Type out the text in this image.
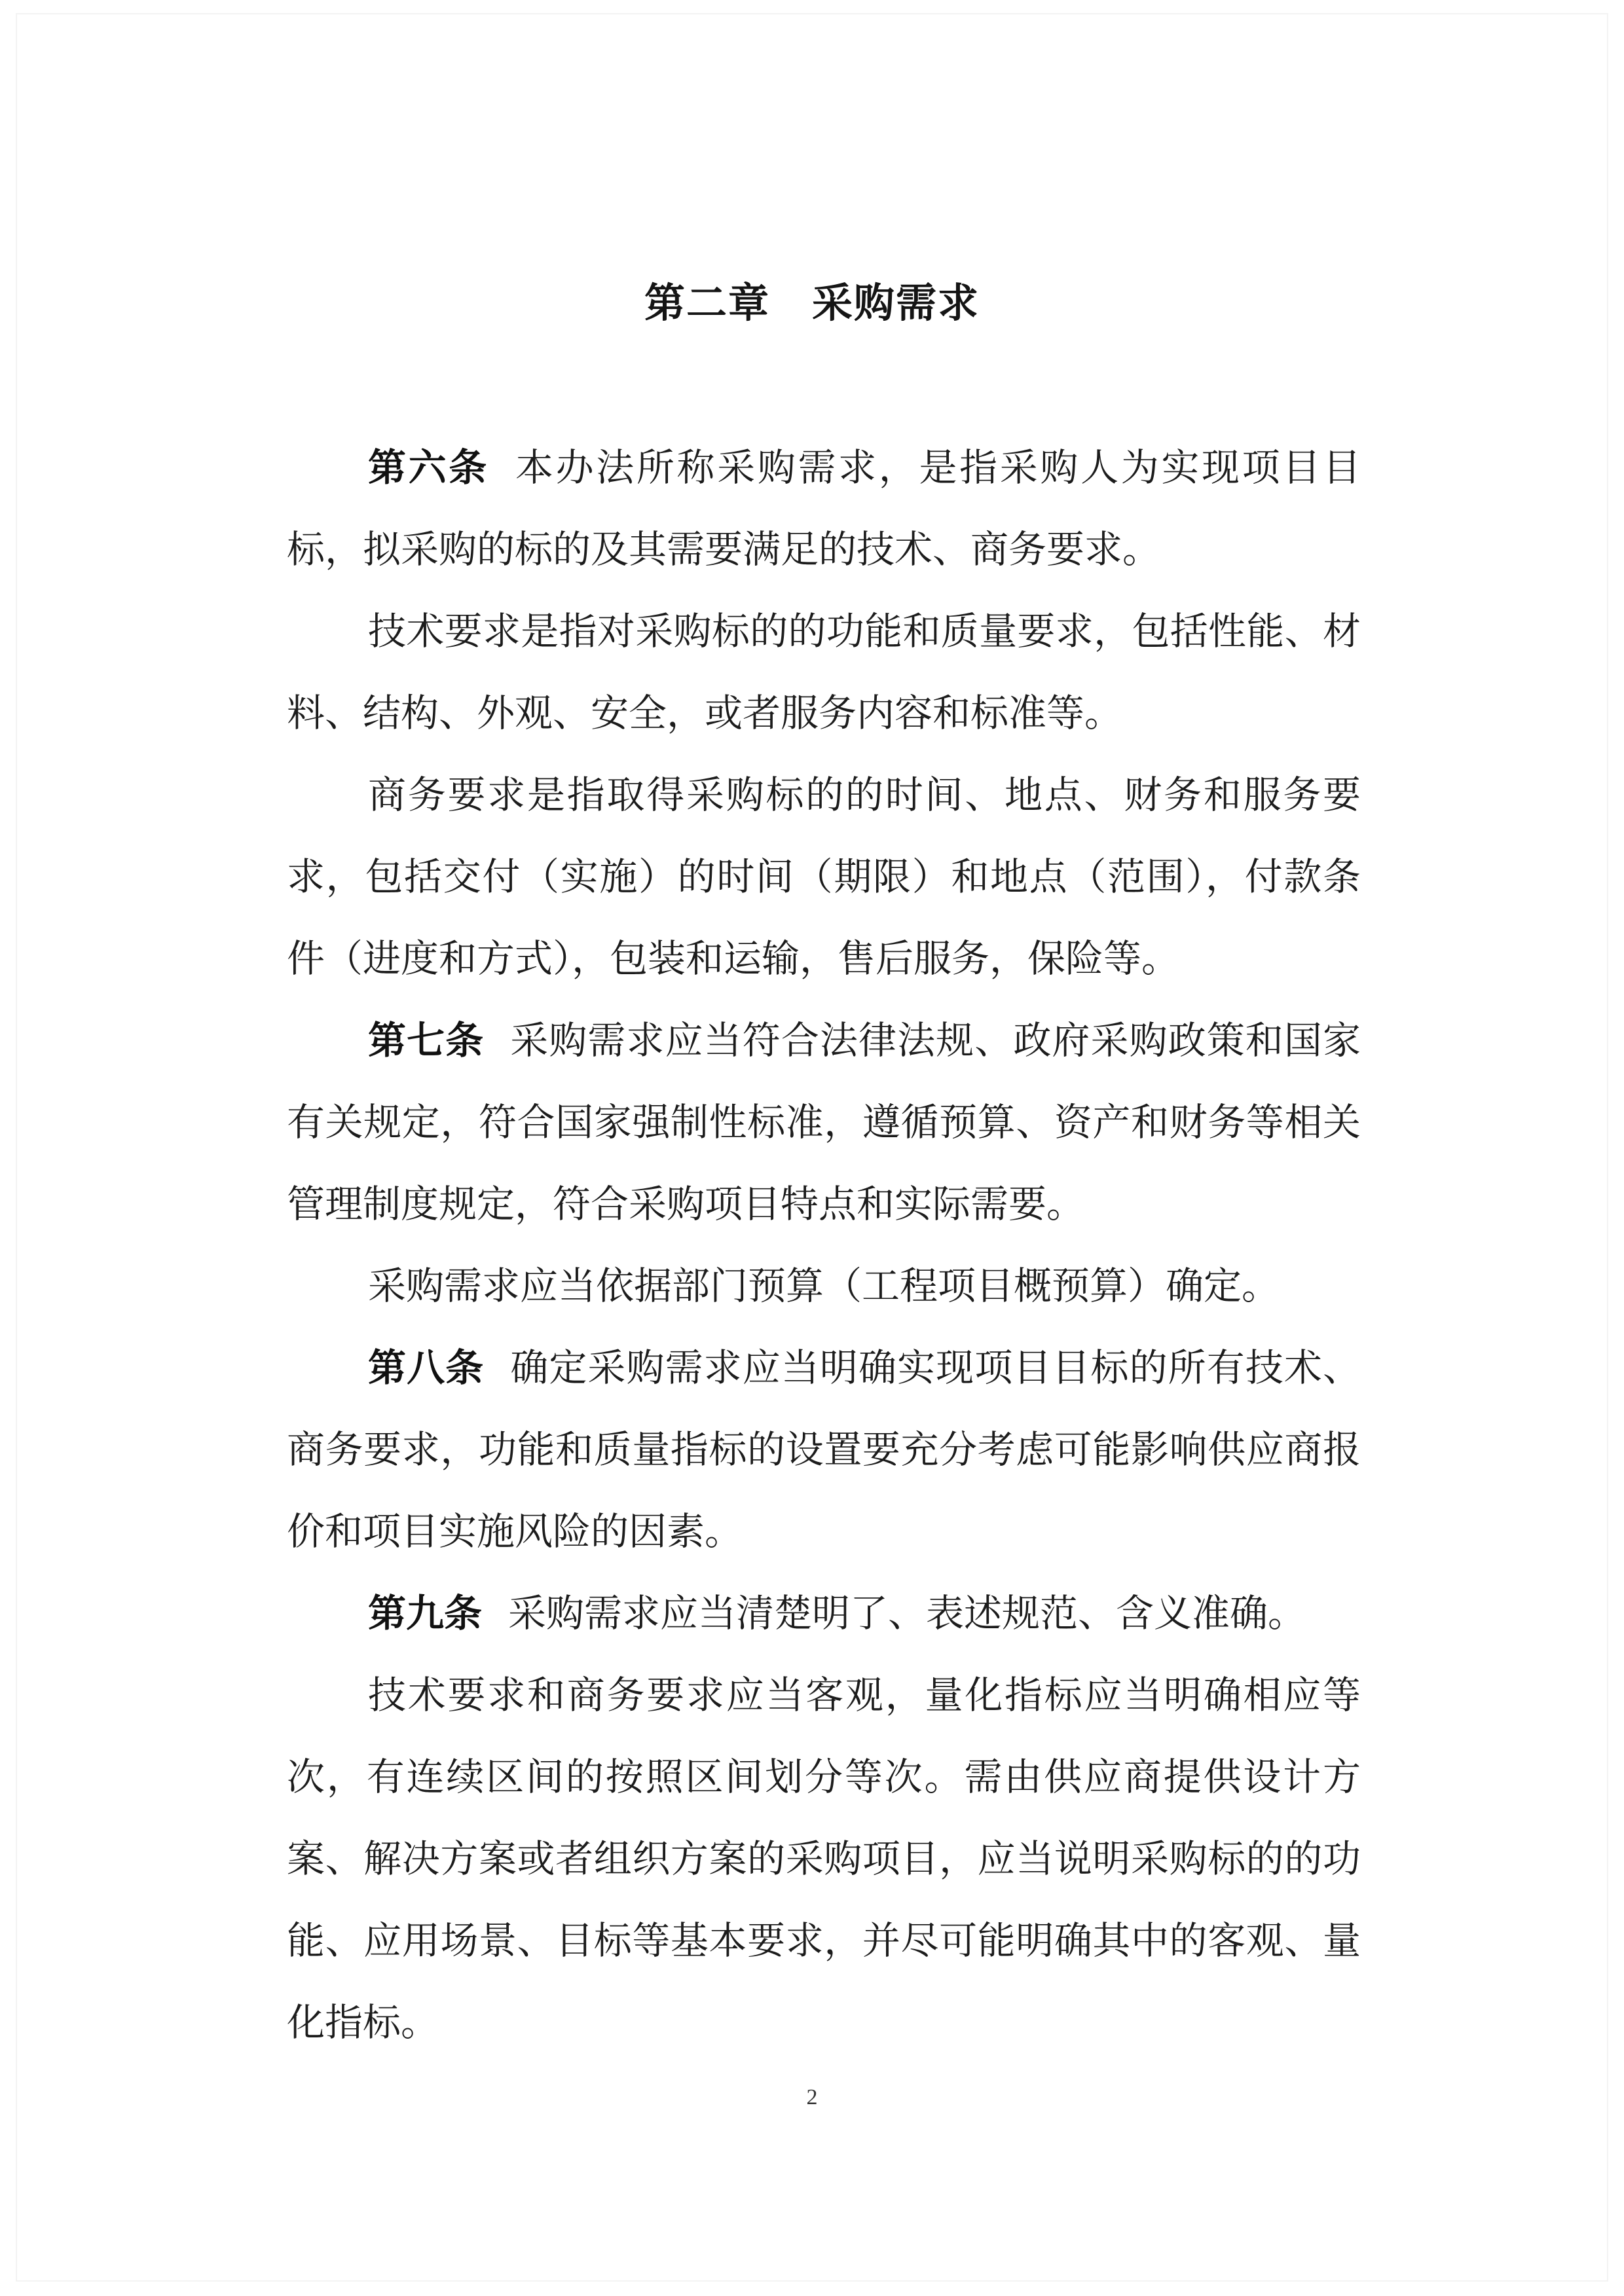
第二章　采购需求

第六条 本办法所称采购需求，是指采购人为实现项目目标，拟采购的标的及其需要满足的技术、商务要求。

技术要求是指对采购标的的功能和质量要求，包括性能、材料、结构、外观、安全，或者服务内容和标准等。

商务要求是指取得采购标的的时间、地点、财务和服务要求，包括交付（实施）的时间（期限）和地点（范围），付款条件（进度和方式），包装和运输，售后服务，保险等。

第七条 采购需求应当符合法律法规、政府采购政策和国家有关规定，符合国家强制性标准，遵循预算、资产和财务等相关管理制度规定，符合采购项目特点和实际需要。

采购需求应当依据部门预算（工程项目概预算）确定。

第八条 确定采购需求应当明确实现项目目标的所有技术、商务要求，功能和质量指标的设置要充分考虑可能影响供应商报价和项目实施风险的因素。

第九条 采购需求应当清楚明了、表述规范、含义准确。

技术要求和商务要求应当客观，量化指标应当明确相应等次，有连续区间的按照区间划分等次。需由供应商提供设计方案、解决方案或者组织方案的采购项目，应当说明采购标的的功能、应用场景、目标等基本要求，并尽可能明确其中的客观、量化指标。

2
